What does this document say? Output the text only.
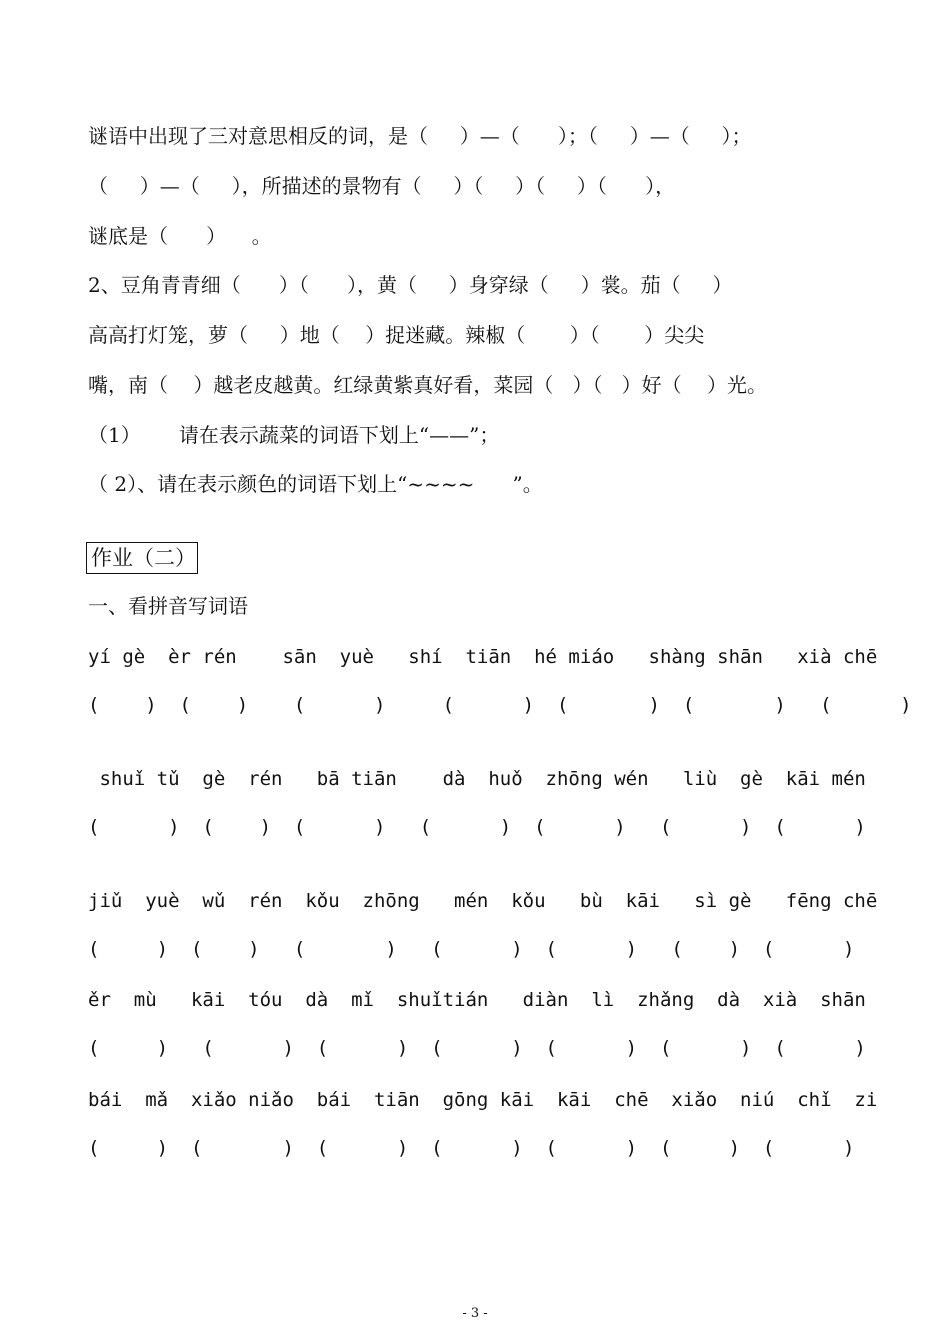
谜语中出现了三对意思相反的词，是（     ）—（      ）；（     ）—（     ）；
（     ）—（     ），所描述的景物有（     ）（     ）（     ）（      ），
谜底是（      ）    。
2、豆角青青细（      ）（      ），黄（     ）身穿绿（     ）裳。茄（     ）
高高打灯笼，萝（     ）地（    ）捉迷藏。辣椒（       ）（       ）尖尖
嘴，南（    ）越老皮越黄。红绿黄紫真好看，菜园（   ）（   ）好（    ）光。
（1）      请在表示蔬菜的词语下划上“——”；
（ 2）、请在表示颜色的词语下划上“~~~~      ”。
作业（二）
一、看拼音写词语
yí gè  èr rén    sān  yuè   shí  tiān  hé miáo   shàng shān   xià chē
(    )  (    )    (      )     (      )  (       )  (       )   (      )
shuǐ tǔ  gè  rén   bā tiān    dà  huǒ  zhōng wén   liù  gè  kāi mén
(      )  (    )  (      )   (      )  (      )   (      )  (      )
jiǔ  yuè  wǔ  rén  kǒu  zhōng   mén  kǒu   bù  kāi   sì gè   fēng chē
(     )  (    )   (       )   (      )  (      )   (    )  (      )
ěr  mù   kāi  tóu  dà  mǐ  shuǐtián   diàn  lì  zhǎng  dà  xià  shān
(     )   (      )  (      )  (      )  (      )  (      )  (      )
bái  mǎ  xiǎo niǎo  bái  tiān  gōng kāi  kāi  chē  xiǎo  niú  chǐ  zi
(     )  (       )  (      )  (      )  (      )  (     )  (      )
- 3 -
